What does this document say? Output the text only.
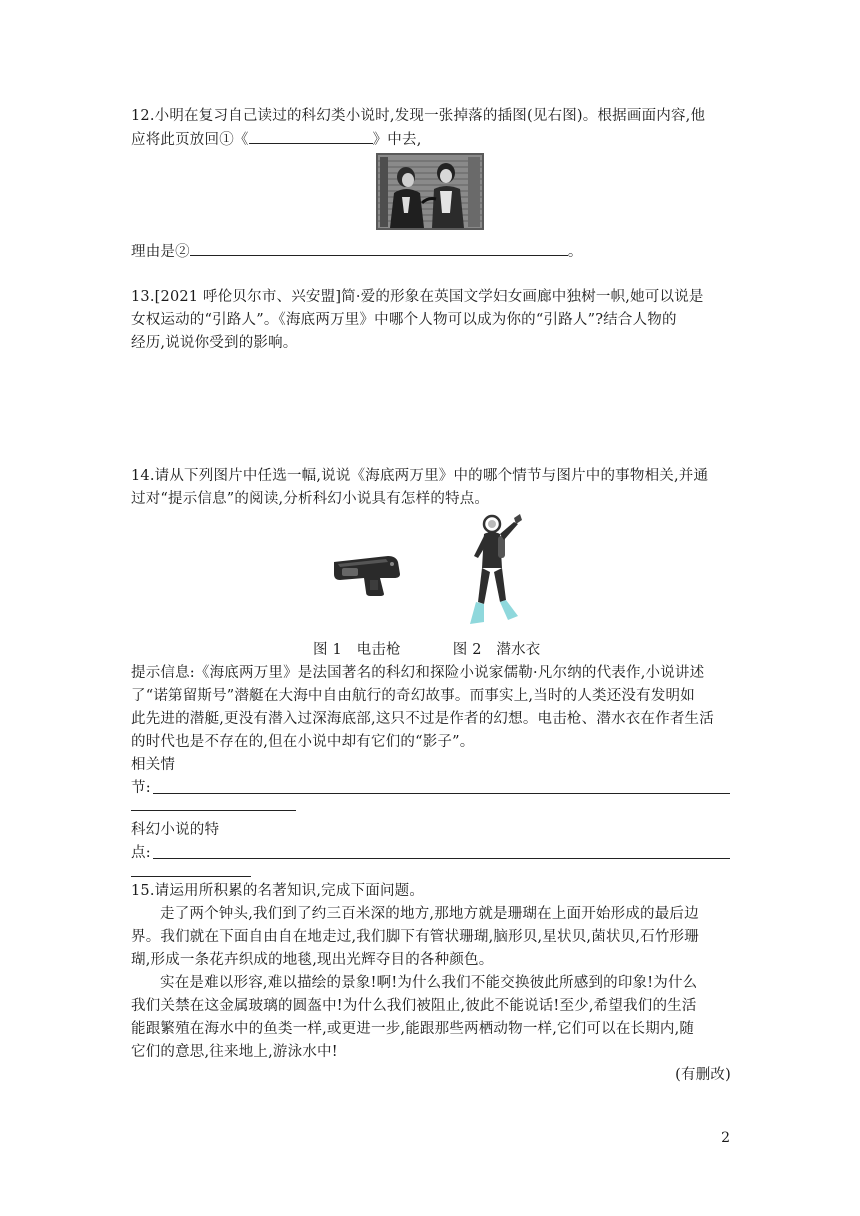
12.小明在复习自己读过的科幻类小说时,发现一张掉落的插图(见右图)。根据画面内容,他
应将此页放回①《	》中去,
理由是②	。
13.[2021 呼伦贝尔市、兴安盟]简·爱的形象在英国文学妇女画廊中独树一帜,她可以说是
女权运动的“引路人”。《海底两万里》中哪个人物可以成为你的“引路人”?结合人物的
经历,说说你受到的影响。
14.请从下列图片中任选一幅,说说《海底两万里》中的哪个情节与图片中的事物相关,并通
过对“提示信息”的阅读,分析科幻小说具有怎样的特点。
图 1　电击枪	图 2　潜水衣
提示信息:《海底两万里》是法国著名的科幻和探险小说家儒勒·凡尔纳的代表作,小说讲述
了“诺第留斯号”潜艇在大海中自由航行的奇幻故事。而事实上,当时的人类还没有发明如
此先进的潜艇,更没有潜入过深海底部,这只不过是作者的幻想。电击枪、潜水衣在作者生活
的时代也是不存在的,但在小说中却有它们的“影子”。
相关情
节:
科幻小说的特
点:
15.请运用所积累的名著知识,完成下面问题。
走了两个钟头,我们到了约三百米深的地方,那地方就是珊瑚在上面开始形成的最后边
界。我们就在下面自由自在地走过,我们脚下有管状珊瑚,脑形贝,星状贝,菌状贝,石竹形珊
瑚,形成一条花卉织成的地毯,现出光辉夺目的各种颜色。
实在是难以形容,难以描绘的景象!啊!为什么我们不能交换彼此所感到的印象!为什么
我们关禁在这金属玻璃的圆盔中!为什么我们被阻止,彼此不能说话!至少,希望我们的生活
能跟繁殖在海水中的鱼类一样,或更进一步,能跟那些两栖动物一样,它们可以在长期内,随
它们的意思,往来地上,游泳水中!
(有删改)
2
